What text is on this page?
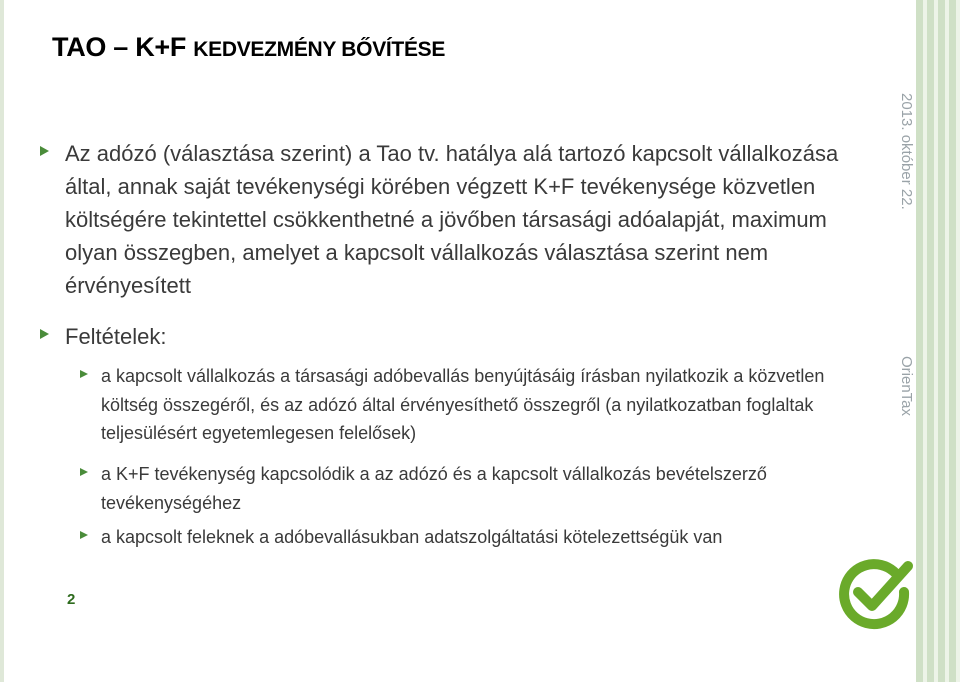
TAO – K+F KEDVEZMÉNY BŐVÍTÉSE
Az adózó (választása szerint) a Tao tv. hatálya alá tartozó kapcsolt vállalkozása által, annak saját tevékenységi körében végzett K+F tevékenysége közvetlen költségére tekintettel csökkenthetné a jövőben társasági adóalapját, maximum olyan összegben, amelyet a kapcsolt vállalkozás választása szerint nem érvényesített
Feltételek:
a kapcsolt vállalkozás a társasági adóbevallás benyújtásáig írásban nyilatkozik a közvetlen költség összegéről, és az adózó által érvényesíthető összegről (a nyilatkozatban foglaltak teljesülésért egyetemlegesen felelősek)
a K+F tevékenység kapcsolódik a az adózó és a kapcsolt vállalkozás bevételszerző tevékenységéhez
a kapcsolt feleknek a adóbevallásukban adatszolgáltatási kötelezettségük van
2013. október 22.
OrienTax
2
